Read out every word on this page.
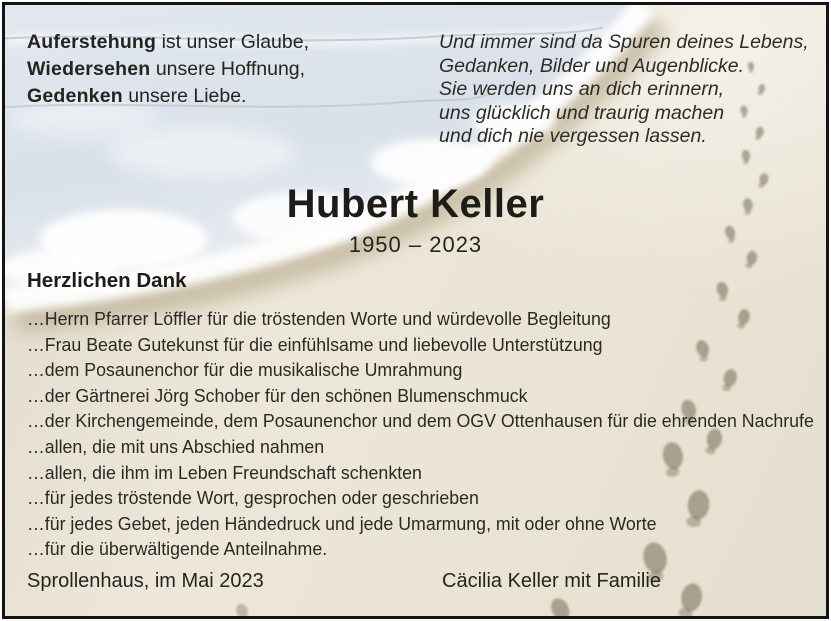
Auferstehung ist unser Glaube,
Wiedersehen unsere Hoffnung,
Gedenken unsere Liebe.
Und immer sind da Spuren deines Lebens,
Gedanken, Bilder und Augenblicke.
Sie werden uns an dich erinnern,
uns glücklich und traurig machen
und dich nie vergessen lassen.
Hubert Keller
1950 – 2023
Herzlichen Dank
…Herrn Pfarrer Löffler für die tröstenden Worte und würdevolle Begleitung
…Frau Beate Gutekunst für die einfühlsame und liebevolle Unterstützung
…dem Posaunenchor für die musikalische Umrahmung
…der Gärtnerei Jörg Schober für den schönen Blumenschmuck
…der Kirchengemeinde, dem Posaunenchor und dem OGV Ottenhausen für die ehrenden Nachrufe
…allen, die mit uns Abschied nahmen
…allen, die ihm im Leben Freundschaft schenkten
…für jedes tröstende Wort, gesprochen oder geschrieben
…für jedes Gebet, jeden Händedruck und jede Umarmung, mit oder ohne Worte
…für die überwältigende Anteilnahme.
Sprollenhaus, im Mai 2023	Cäcilia Keller mit Familie
